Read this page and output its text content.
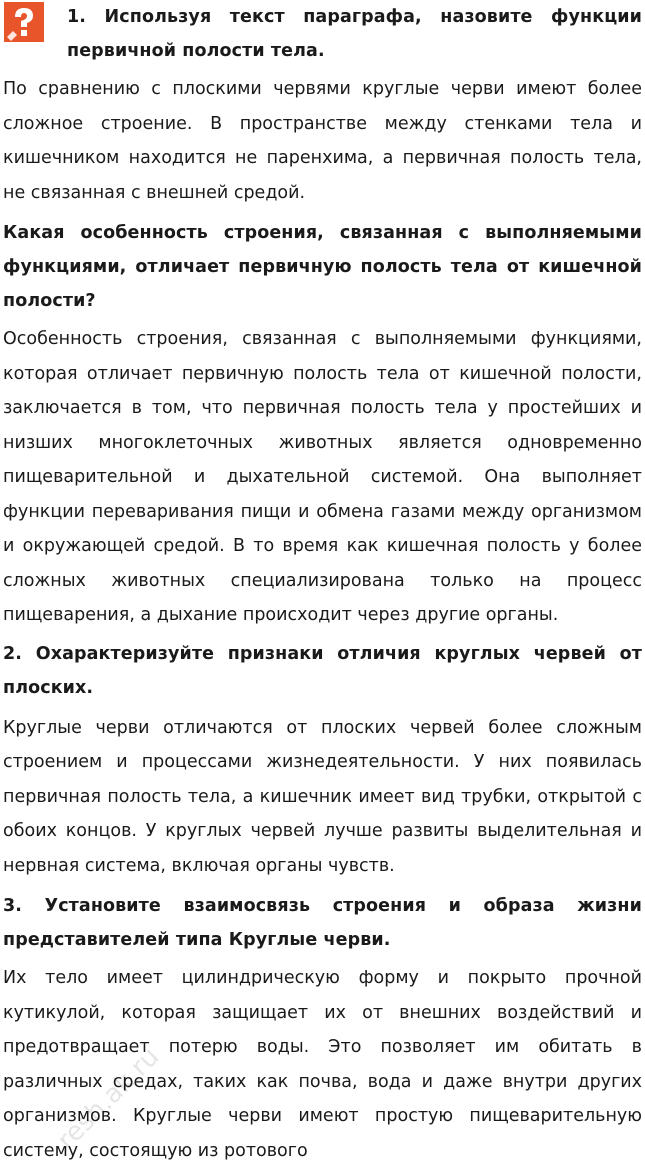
1. Используя текст параграфа, назовите функции первичной полости тела.

По сравнению с плоскими червями круглые черви имеют более сложное строение. В пространстве между стенками тела и кишечником находится не паренхима, а первичная полость тела, не связанная с внешней средой.

Какая особенность строения, связанная с выполняемыми функциями, отличает первичную полость тела от кишечной полости?

Особенность строения, связанная с выполняемыми функциями, которая отличает первичную полость тела от кишечной полости, заключается в том, что первичная полость тела у простейших и низших многоклеточных животных является одновременно пищеварительной и дыхательной системой. Она выполняет функции переваривания пищи и обмена газами между организмом и окружающей средой. В то время как кишечная полость у более сложных животных специализирована только на процесс пищеварения, а дыхание происходит через другие органы.

2. Охарактеризуйте признаки отличия круглых червей от плоских.

Круглые черви отличаются от плоских червей более сложным строением и процессами жизнедеятельности. У них появилась первичная полость тела, а кишечник имеет вид трубки, открытой с обоих концов. У круглых червей лучше развиты выделительная и нервная система, включая органы чувств.

3. Установите взаимосвязь строения и образа жизни представителей типа Круглые черви.

Их тело имеет цилиндрическую форму и покрыто прочной кутикулой, которая защищает их от внешних воздействий и предотвращает потерю воды. Это позволяет им обитать в различных средах, таких как почва, вода и даже внутри других организмов. Круглые черви имеют простую пищеварительную систему, состоящую из ротового

resh.ak.ru
